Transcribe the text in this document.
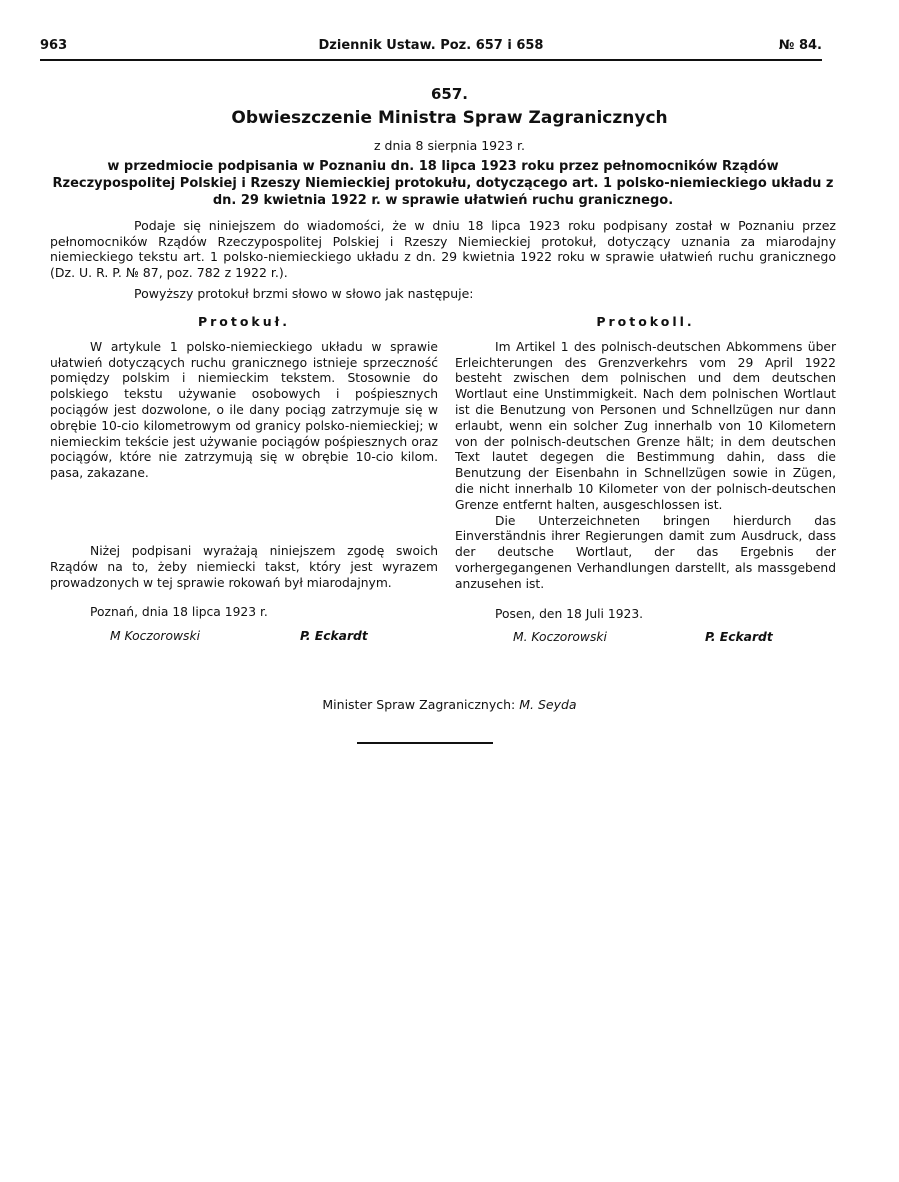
963	Dziennik Ustaw. Poz. 657 i 658	№ 84.
657.
Obwieszczenie Ministra Spraw Zagranicznych
z dnia 8 sierpnia 1923 r.
w przedmiocie podpisania w Poznaniu dn. 18 lipca 1923 roku przez pełnomocników Rządów Rzeczypospolitej Polskiej i Rzeszy Niemieckiej protokułu, dotyczącego art. 1 polsko-niemieckiego układu z dn. 29 kwietnia 1922 r. w sprawie ułatwień ruchu granicznego.

Podaje się niniejszem do wiadomości, że w dniu 18 lipca 1923 roku podpisany został w Poznaniu przez pełnomocników Rządów Rzeczypospolitej Polskiej i Rzeszy Niemieckiej protokuł, dotyczący uznania za miarodajny niemieckiego tekstu art. 1 polsko-niemieckiego układu z dn. 29 kwietnia 1922 roku w sprawie ułatwień ruchu granicznego (Dz. U. R. P. № 87, poz. 782 z 1922 r.).

Powyższy protokuł brzmi słowo w słowo jak następuje:
Protokuł.

W artykule 1 polsko-niemieckiego układu w sprawie ułatwień dotyczących ruchu granicznego istnieje sprzeczność pomiędzy polskim i niemieckim tekstem. Stosownie do polskiego tekstu używanie osobowych i pośpiesznych pociągów jest dozwolone, o ile dany pociąg zatrzymuje się w obrębie 10-cio kilometrowym od granicy polsko-niemieckiej; w niemieckim tekście jest używanie pociągów pośpiesznych oraz pociągów, które nie zatrzymują się w obrębie 10-cio kilom. pasa, zakazane.

Niżej podpisani wyrażają niniejszem zgodę swoich Rządów na to, żeby niemiecki takst, który jest wyrazem prowadzonych w tej sprawie rokowań był miarodajnym.

Poznań, dnia 18 lipca 1923 r.

M Koczorowski	P. Eckardt
Protokoll.

Im Artikel 1 des polnisch-deutschen Abkommens über Erleichterungen des Grenzverkehrs vom 29 April 1922 besteht zwischen dem polnischen und dem deutschen Wortlaut eine Unstimmigkeit. Nach dem polnischen Wortlaut ist die Benutzung von Personen und Schnellzügen nur dann erlaubt, wenn ein solcher Zug innerhalb von 10 Kilometern von der polnisch-deutschen Grenze hält; in dem deutschen Text lautet degegen die Bestimmung dahin, dass die Benutzung der Eisenbahn in Schnellzügen sowie in Zügen, die nicht innerhalb 10 Kilometer von der polnisch-deutschen Grenze entfernt halten, ausgeschlossen ist.

Die Unterzeichneten bringen hierdurch das Einverständnis ihrer Regierungen damit zum Ausdruck, dass der deutsche Wortlaut, der das Ergebnis der vorhergegangenen Verhandlungen darstellt, als massgebend anzusehen ist.

Posen, den 18 Juli 1923.

M. Koczorowski	P. Eckardt
Minister Spraw Zagranicznych: M. Seyda
